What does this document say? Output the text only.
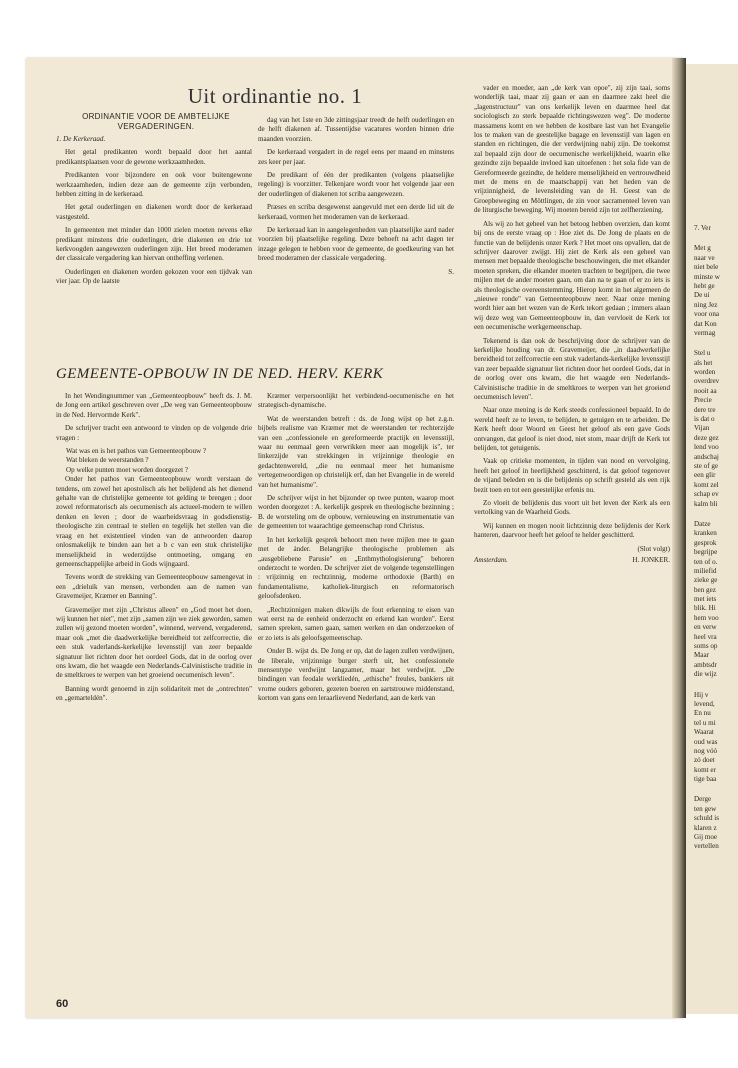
7. Ver
Met g
naar ve
niet bele
minste w
hebt ge
De ui
ning Jez
voor ona
dat Kon
vermag
Stel u
als het
worden
overdrev
nooit aa
Precie
dere tre
is dat o
Vijan
deze gez
lend voo
andschaj
ste of ge
een glir
komt zel
schap ev
kalm bli
Datze
kranken
gesprok
begrijpe
ten of o.
miliefid
zieke ge
ben gez
met iets
blik. Hi
hem voo
en verw
heel vra
soms op
Maar
ambtsdr
die wijz
Hij v
levend,
En nu
tel u mi
Waarat
oud was
nog vóó
zó doet
komt er
tige baa
Derge
ten gew
schuld is
klaren z
Gij moe
vertellen
Uit ordinantie no. 1
ORDINANTIE VOOR DE AMBTELIJKE VERGADERINGEN.

1. De Kerkeraad.

Het getal predikanten wordt bepaald door het aantal predikantsplaatsen voor de gewone werkzaamheden.

Predikanten voor bijzondere en ook voor buitengewone werkzaamheden, indien deze aan de gemeente zijn verbonden, hebben zitting in de kerkeraad.

Het getal ouderlingen en diakenen wordt door de kerkeraad vastgesteld.

In gemeenten met minder dan 1000 zielen moeten nevens elke predikant minstens drie ouderlingen, drie diakenen en drie tot kerkvoogden aangewezen ouderlingen zijn. Het breed moderamen der classicale vergadering kan hiervan ontheffing verlenen.

Ouderlingen en diakenen worden gekozen voor een tijdvak van vier jaar. Op de laatste

dag van het 1ste en 3de zittingsjaar treedt de helft ouderlingen en de helft diakenen af. Tussentijdse vacatures worden binnen drie maanden voorzien.

De kerkeraad vergadert in de regel eens per maand en minstens zes keer per jaar.

De predikant of één der predikanten (volgens plaatselijke regeling) is voorzitter. Telkenjare wordt voor het volgende jaar een der ouderlingen of diakenen tot scriba aangewezen.

Præses en scriba desgewenst aangevuld met een derde lid uit de kerkeraad, vormen het moderamen van de kerkeraad.

De kerkeraad kan in aangelegenheden van plaatselijke aard nader voorzien bij plaatselijke regeling. Deze behoeft na acht dagen ter inzage gelegen te hebben voor de gemeente, de goedkeuring van het breed moderamen der classicale vergadering.

S.
GEMEENTE-OPBOUW IN DE NED. HERV. KERK

In het Wendingnummer van „Gemeenteopbouw" heeft ds. J. M. de Jong een artikel geschreven over „De weg van Gemeenteopbouw in de Ned. Hervormde Kerk".

De schrijver tracht een antwoord te vinden op de volgende drie vragen :

Wat was en is het pathos van Gemeenteopbouw ?

Wat bleken de weerstanden ?

Op welke punten moet worden doorgezet ?

Onder het pathos van Gemeenteopbouw wordt verstaan de tendens, om zowel het apostolisch als het belijdend als het dienend gehalte van de christelijke gemeente tot gelding te brengen ; door zowel reformatorisch als oecumenisch als actueel-modern te willen denken en leven ; door de waarheidsvraag in godsdienstig-theologische zin centraal te stellen en tegelijk het stellen van die vraag en het existentieel vinden van de antwoorden daarop onlosmakelijk te binden aan het a b c van een stuk christelijke menselijkheid in wederzijdse ontmoeting, omgang en gemeenschappelijke arbeid in Gods wijngaard.

Tevens wordt de strekking van Gemeenteopbouw samengevat in een „drieluik van mensen, verbonden aan de namen van Gravemeijer, Kræmer en Banning".

Gravemeijer met zijn „Christus alleen" en „God moet het doen, wij kunnen het niet", met zijn „samen zijn we ziek geworden, samen zullen wij gezond moeten worden", winnend, wervend, vergaderend, maar ook „met die daadwerkelijke bereidheid tot zelfcorrectie, die een stuk vaderlands-kerkelijke levensstijl van zeer bepaalde signatuur liet richten door het oordeel Gods, dat in de oorlog over ons kwam, die het waagde een Nederlands-Calvinistische traditie in de smeltkroes te werpen van het groeiend oecumenisch leven".

Banning wordt genoemd in zijn solidariteit met de „ontrechten" en „gemarteldén".

Kræmer verpersoonlijkt het verbindend-oecumenische en het strategisch-dynamische.

Wat de weerstanden betreft : ds. de Jong wijst op het z.g.n. bijbels realisme van Kræmer met de weerstanden ter rechterzijde van een „confessionele en gereformeerde practijk en levensstijl, waar nu eenmaal geen verwrikken meer aan mogelijk is", ter linkerzijde van strekkingen in vrijzinnige theologie en gedachtenwereld, „die nu eenmaal meer het humanisme vertegenwoordigen op christelijk erf, dan het Evangelie in de wereld van het humanisme".

De schrijver wijst in het bijzonder op twee punten, waarop moet worden doorgezet : A. kerkelijk gesprek en theologische bezinning ; B. de worsteling om de opbouw, vernieuwing en instrumentatie van de gemeenten tot waarachtige gemeenschap rond Christus.

In het kerkelijk gesprek behoort men twee mijlen mee te gaan met de ánder. Belangrijke theologische problemen als „ausgebliebene Parusie" en „Enthmythologisierung" behoren onderzocht te worden. De schrijver ziet de volgende tegenstellingen : vrijzinnig en rechtzinnig, moderne orthodoxie (Barth) en fundamentalisme, katholiek-liturgisch en reformatorisch geloofsdenken.

„Rechtzinnigen maken dikwijls de fout erkenning te eisen van wat eerst na de eenheid onderzocht en erkend kan worden". Eerst samen spreken, samen gaan, samen werken en dan onderzoeken of er zo iets is als geloofsgemeenschap.

Onder B. wijst ds. De Jong er op, dat de lagen zullen verdwijnen, de liberale, vrijzinnige burger sterft uit, het confessionele mensentype verdwijnt langzamer, maar het verdwijnt. „De bindingen van feodale werkliedén, „ethische" freules, bankiers uit vrome ouders geboren, gezeten boeren en aartstrouwe middenstand, kortom van gans een leraarlievend Nederland, aan de kerk van

vader en moeder, aan „de kerk van opoe", zij zijn taai, soms wonderlijk taai, maar zij gaan er aan en daarmee zakt heel die „lagenstructuur" van ons kerkelijk leven en daarmee heel dat sociologisch zo sterk bepaalde richtingswezen weg". De moderne massamens komt en we hebben de kostbare last van het Evangelie los te maken van de geestelijke bagage en levensstijl van lagen en standen en richtingen, die der verdwijning nabij zijn. De toekomst zal bepaald zijn door de oecumenische werkelijkheid, waarin elke gezindte zijn bepaalde invloed kan uitoefenen : het sola fide van de Gereformeerde gezindte, de heldere menselijkheid en vertrouwdheid met de mens en de maatschappij van het heden van de vrijzinnigheid, de levensleiding van de H. Geest van de Groepbeweging en Möttlingen, de zin voor sacramenteel leven van de liturgische beweging. Wij moeten bereid zijn tot zelfherziening.

Als wij zo het geheel van het betoog hebben overzien, dan komt bij ons de eerste vraag op : Hoe ziet ds. De Jong de plaats en de functie van de belijdenis onzer Kerk ? Het moet ons opvallen, dat de schrijver daarover zwijgt. Hij ziet de Kerk als een geheel van mensen met bepaalde theologische beschouwingen, die met elkander moeten spreken, die elkander moeten trachten te begrijpen, die twee mijlen met de ander moeten gaan, om dan na te gaan of er zo iets is als theologische overeenstemming. Hierop komt in het algemeen de „nieuwe ronde" van Gemeenteopbouw neer. Naar onze mening wordt hier aan het wezen van de Kerk tekort gedaan ; immers alaan wij deze weg van Gemeenteopbouw in, dan vervloeit de Kerk tot een oecumenische werkgemeenschap.

Tekenend is dan ook de beschrijving door de schrijver van de kerkelijke houding van dr. Gravemeijer, die „in daadwerkelijke bereidheid tot zelfcorrectie een stuk vaderlands-kerkelijke levensstijl van zeer bepaalde signatuur liet richten door het oordeel Gods, dat in de oorlog over ons kwam, die het waagde een Nederlands-Calvinistische traditie in de smeltkroes te werpen van het groeiend oecumenisch leven".

Naar onze mening is de Kerk steeds confessioneel bepaald. In de wereld heeft ze te leven, te belijden, te getuigen en te arbeiden. De Kerk heeft door Woord en Geest het geloof als een gave Gods ontvangen, dat geloof is niet dood, niet stom, maar drijft de Kerk tot belijden, tot getuigenis.

Vaak op critieke momenten, in tijden van nood en vervolging, heeft het geloof in heerlijkheid geschitterd, is dat geloof tegenover de vijand beleden en is die belijdenis op schrift gesteld als een rijk bezit toen en tot een geestelijke erfenis nu.

Zo vloeit de belijdenis dus voort uit het leven der Kerk als een vertolking van de Waarheid Gods.

Wij kunnen en mogen nooit lichtzinnig deze belijdenis der Kerk hanteren, daarvoor heeft het geloof te helder geschitterd.

(Slot volgt)
Amsterdam.	H. JONKER.
60
